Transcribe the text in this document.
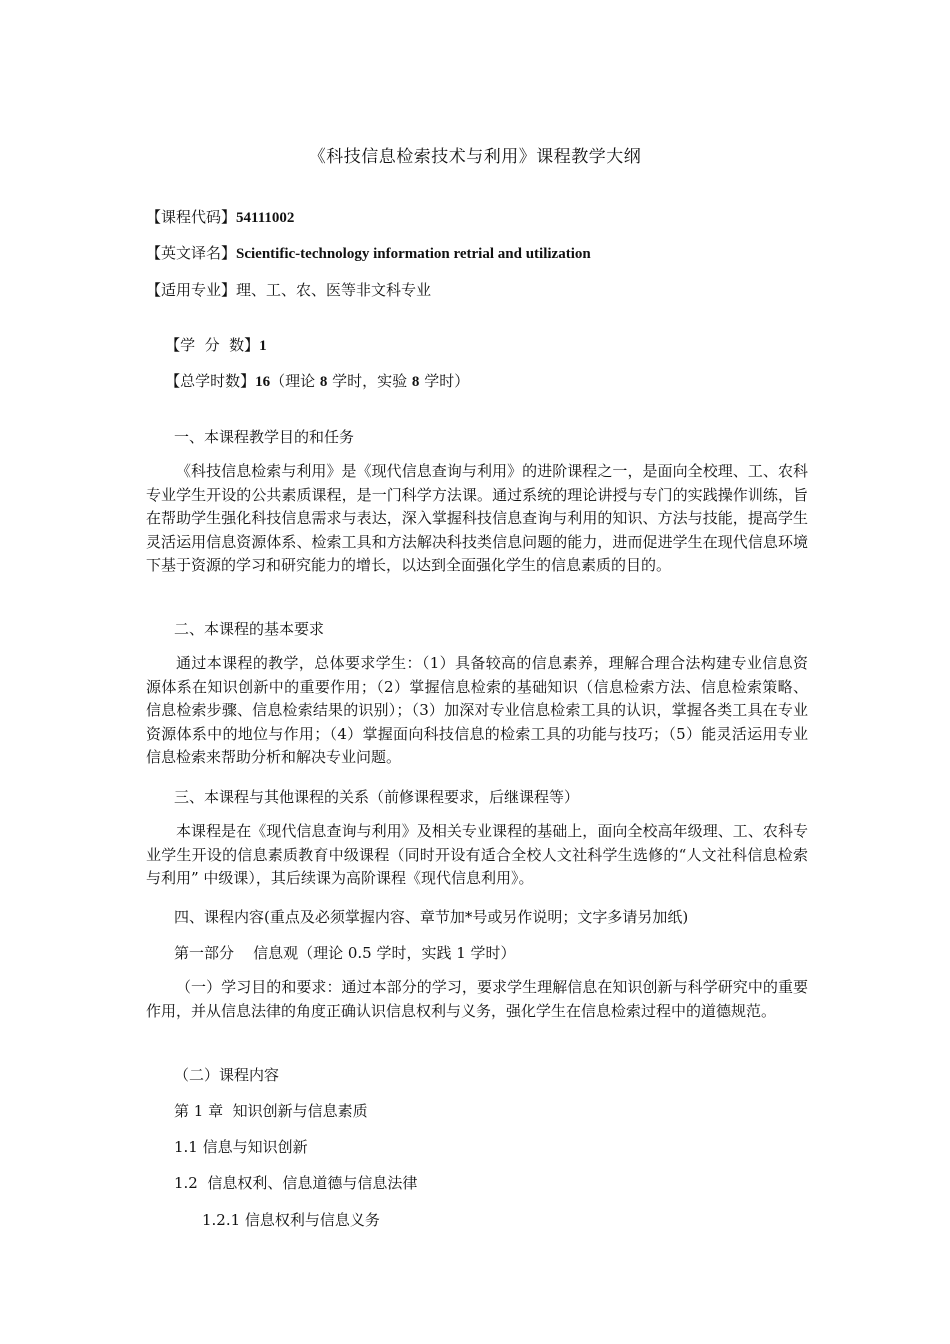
《科技信息检索技术与利用》课程教学大纲
【课程代码】54111002
【英文译名】Scientific-technology information retrial and utilization
【适用专业】理、工、农、医等非文科专业

【学  分  数】1

【总学时数】16（理论 8 学时，实验 8 学时）

一、本课程教学目的和任务

《科技信息检索与利用》是《现代信息查询与利用》的进阶课程之一，是面向全校理、工、农科专业学生开设的公共素质课程，是一门科学方法课。通过系统的理论讲授与专门的实践操作训练，旨在帮助学生强化科技信息需求与表达，深入掌握科技信息查询与利用的知识、方法与技能，提高学生灵活运用信息资源体系、检索工具和方法解决科技类信息问题的能力，进而促进学生在现代信息环境下基于资源的学习和研究能力的增长，以达到全面强化学生的信息素质的目的。

二、本课程的基本要求

通过本课程的教学，总体要求学生：（1）具备较高的信息素养，理解合理合法构建专业信息资源体系在知识创新中的重要作用；（2）掌握信息检索的基础知识（信息检索方法、信息检索策略、信息检索步骤、信息检索结果的识别）；（3）加深对专业信息检索工具的认识，掌握各类工具在专业资源体系中的地位与作用；（4）掌握面向科技信息的检索工具的功能与技巧；（5）能灵活运用专业信息检索来帮助分析和解决专业问题。

三、本课程与其他课程的关系（前修课程要求，后继课程等）

本课程是在《现代信息查询与利用》及相关专业课程的基础上，面向全校高年级理、工、农科专业学生开设的信息素质教育中级课程（同时开设有适合全校人文社科学生选修的“人文社科信息检索与利用” 中级课），其后续课为高阶课程《现代信息利用》。

四、课程内容(重点及必须掌握内容、章节加*号或另作说明；文字多请另加纸)
第一部分    信息观（理论 0.5 学时，实践 1 学时）

（一）学习目的和要求：通过本部分的学习，要求学生理解信息在知识创新与科学研究中的重要作用，并从信息法律的角度正确认识信息权利与义务，强化学生在信息检索过程中的道德规范。

（二）课程内容
第 1 章  知识创新与信息素质
1.1 信息与知识创新
1.2  信息权利、信息道德与信息法律
1.2.1 信息权利与信息义务
